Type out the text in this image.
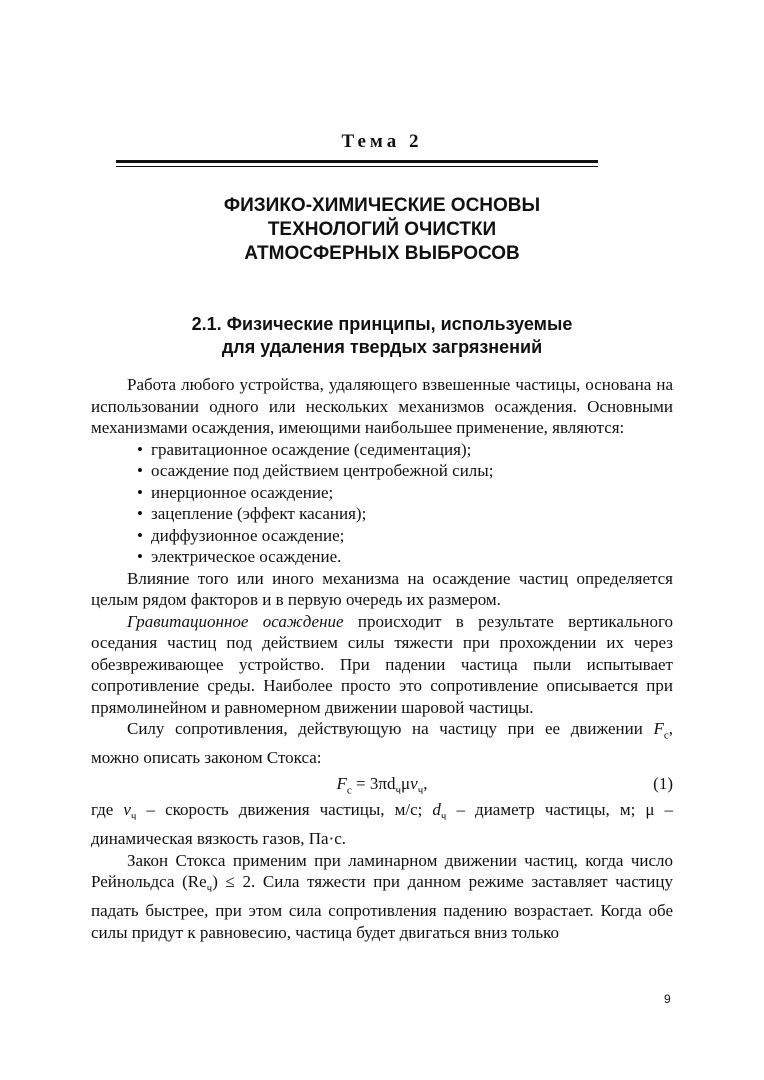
Тема 2
ФИЗИКО-ХИМИЧЕСКИЕ ОСНОВЫ
ТЕХНОЛОГИЙ ОЧИСТКИ
АТМОСФЕРНЫХ ВЫБРОСОВ
2.1. Физические принципы, используемые
для удаления твердых загрязнений

Работа любого устройства, удаляющего взвешенные частицы, основана на использовании одного или нескольких механизмов осаждения. Основными механизмами осаждения, имеющими наибольшее применение, являются:

• гравитационное осаждение (седиментация);
• осаждение под действием центробежной силы;
• инерционное осаждение;
• зацепление (эффект касания);
• диффузионное осаждение;
• электрическое осаждение.

Влияние того или иного механизма на осаждение частиц определяется целым рядом факторов и в первую очередь их размером.

Гравитационное осаждение происходит в результате вертикального оседания частиц под действием силы тяжести при прохождении их через обезвреживающее устройство. При падении частица пыли испытывает сопротивление среды. Наиболее просто это сопротивление описывается при прямолинейном и равномерном движении шаровой частицы.

Силу сопротивления, действующую на частицу при ее движении $F_c$, можно описать законом Стокса:

$F_c = 3\pi d_ч\mu v_ч$,	(1)

где $v_ч$ – скорость движения частицы, м/с; $d_ч$ – диаметр частицы, м; μ – динамическая вязкость газов, Па·с.

Закон Стокса применим при ламинарном движении частиц, когда число Рейнольдса $(Re_ч) \le 2$. Сила тяжести при данном режиме заставляет частицу падать быстрее, при этом сила сопротивления падению возрастает. Когда обе силы придут к равновесию, частица будет двигаться вниз только

9
